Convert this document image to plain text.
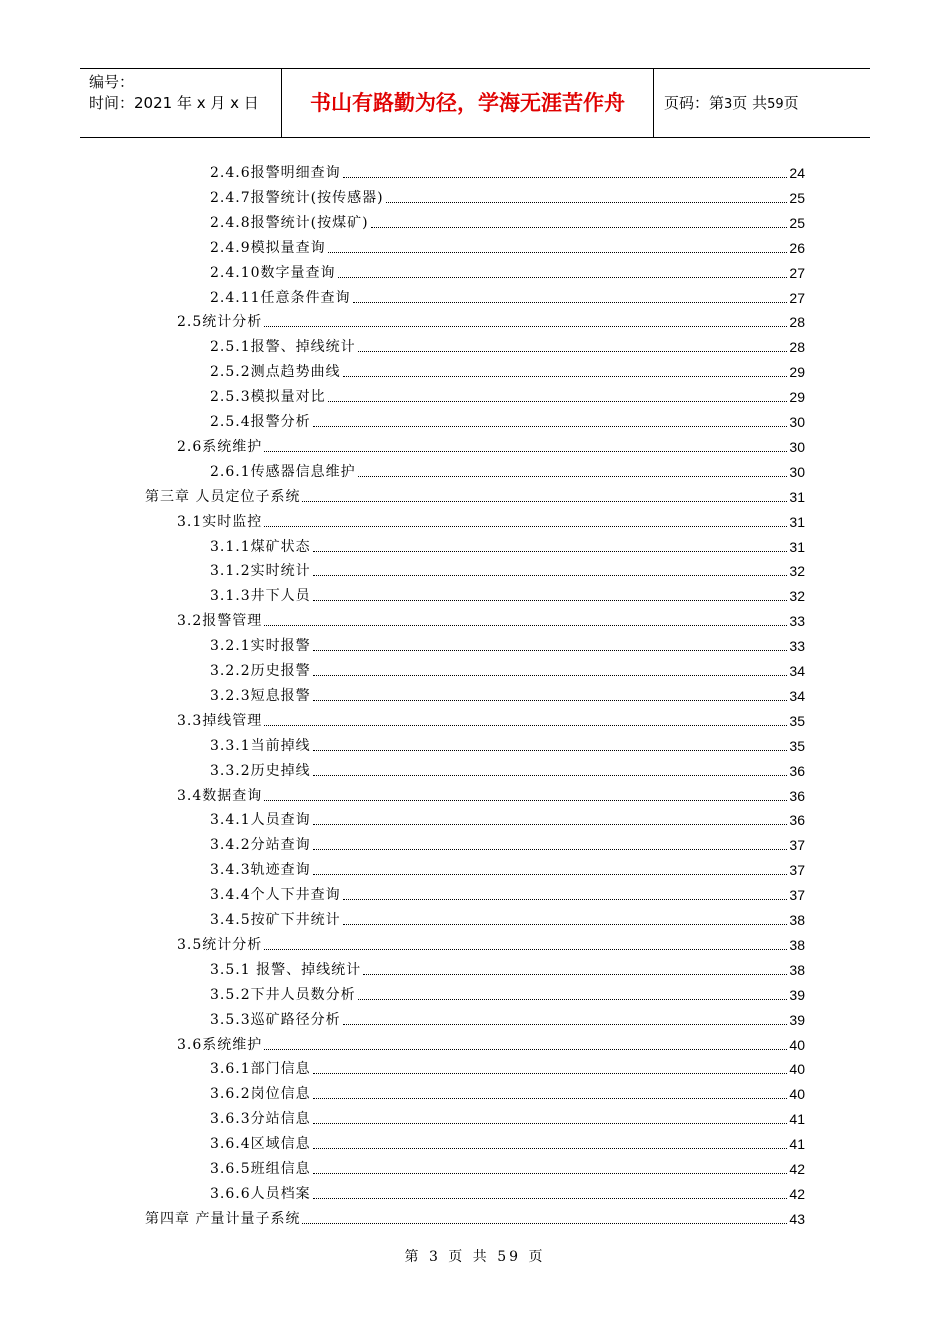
编号：
时间：2021 年 x 月 x 日	书山有路勤为径，学海无涯苦作舟	页码：第3页 共59页
2.4.6报警明细查询	24
2.4.7报警统计(按传感器)	25
2.4.8报警统计(按煤矿)	25
2.4.9模拟量查询	26
2.4.10数字量查询	27
2.4.11任意条件查询	27
2.5统计分析	28
2.5.1报警、掉线统计	28
2.5.2测点趋势曲线	29
2.5.3模拟量对比	29
2.5.4报警分析	30
2.6系统维护	30
2.6.1传感器信息维护	30
第三章 人员定位子系统	31
3.1实时监控	31
3.1.1煤矿状态	31
3.1.2实时统计	32
3.1.3井下人员	32
3.2报警管理	33
3.2.1实时报警	33
3.2.2历史报警	34
3.2.3短息报警	34
3.3掉线管理	35
3.3.1当前掉线	35
3.3.2历史掉线	36
3.4数据查询	36
3.4.1人员查询	36
3.4.2分站查询	37
3.4.3轨迹查询	37
3.4.4个人下井查询	37
3.4.5按矿下井统计	38
3.5统计分析	38
3.5.1 报警、掉线统计	38
3.5.2下井人员数分析	39
3.5.3巡矿路径分析	39
3.6系统维护	40
3.6.1部门信息	40
3.6.2岗位信息	40
3.6.3分站信息	41
3.6.4区域信息	41
3.6.5班组信息	42
3.6.6人员档案	42
第四章 产量计量子系统	43
第 3 页 共 59 页
